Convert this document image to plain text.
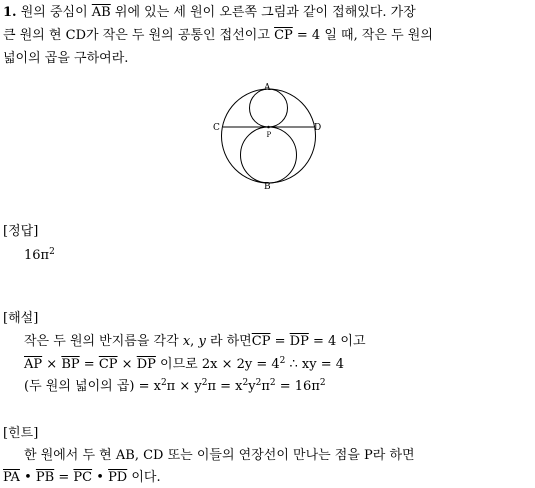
1. 원의 중심이 $\overline{AB}$ 위에 있는 세 원이 오른쪽 그림과 같이 접해있다. 가장
큰 원의 현 CD가 작은 두 원의 공통인 접선이고 $\overline{CP} = 4$ 일 때, 작은 두 원의
넓이의 곱을 구하여라.
A
B
C	D
P
[정답]
$16\pi^2$
[해설]
작은 두 원의 반지름을 각각 x, y 라 하면$\overline{CP} = \overline{DP} = 4$ 이고
$\overline{AP} \times \overline{BP} = \overline{CP} \times \overline{DP}$ 이므로 $2x \times 2y = 4^2$ ∴ xy = 4
(두 원의 넓이의 곱) = $x^2\pi \times y^2\pi = x^2y^2\pi^2 = 16\pi^2$
[힌트]
한 원에서 두 현 AB, CD 또는 이들의 연장선이 만나는 점을 P라 하면
$\overline{PA}$ • $\overline{PB} = \overline{PC}$ • $\overline{PD}$ 이다.
